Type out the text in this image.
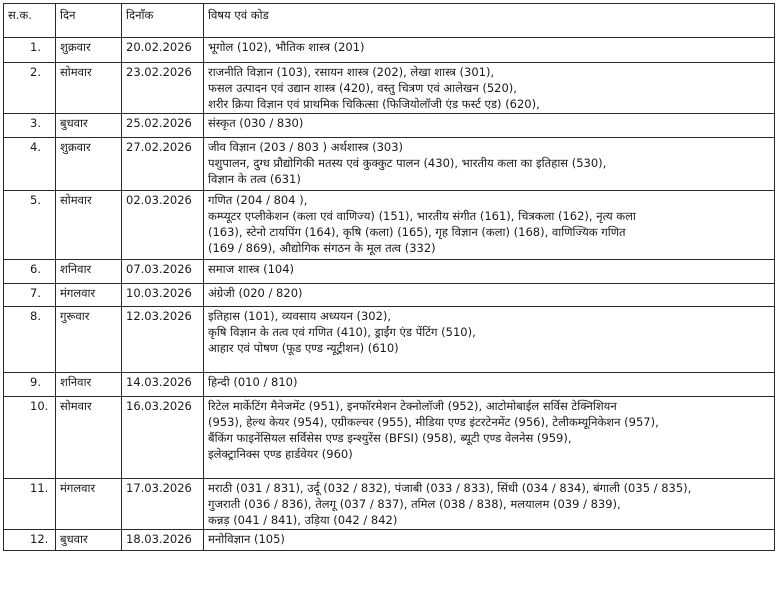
स.क.	दिन	दिनाँक	विषय एवं कोड
1.	शुक्रवार	20.02.2026	भूगोल (102), भौतिक शास्त्र (201)

2.	सोमवार	23.02.2026	राजनीति विज्ञान (103), रसायन शास्त्र (202), लेखा शास्त्र (301),
फसल उत्पादन एवं उद्यान शास्त्र (420), वस्तु चित्रण एवं आलेखन (520),
शरीर क्रिया विज्ञान एवं प्राथमिक चिकित्सा (फिजियोलॉजी एंड फर्स्ट एड) (620),

3.	बुधवार	25.02.2026	संस्कृत (030 / 830)

4.	शुक्रवार	27.02.2026	जीव विज्ञान (203 / 803 ) अर्थशास्त्र (303)
पशुपालन, दुग्ध प्रौद्योगिकी मतस्य एवं कुक्कुट पालन (430), भारतीय कला का इतिहास (530),
विज्ञान के तत्व (631)

5.	सोमवार	02.03.2026	गणित (204 / 804 ),
कम्प्यूटर एप्लीकेशन (कला एवं वाणिज्य) (151), भारतीय संगीत (161), चित्रकला (162), नृत्य कला
(163), स्टेनो टायपिंग (164), कृषि (कला) (165), गृह विज्ञान (कला) (168), वाणिज्यिक गणित
(169 / 869), औद्योगिक संगठन के मूल तत्व (332)

6.	शनिवार	07.03.2026	समाज शास्त्र (104)

7.	मंगलवार	10.03.2026	अंग्रेजी (020 / 820)

8.	गुरूवार	12.03.2026	इतिहास (101), व्यवसाय अध्ययन (302),
कृषि विज्ञान के तत्व एवं गणित (410), ड्राईंग एंड पेंटिंग (510),
आहार एवं पोषण (फूड एण्ड न्यूट्रीशन) (610)

9.	शनिवार	14.03.2026	हिन्दी (010 / 810)

10.	सोमवार	16.03.2026	रिटेल मार्केटिंग मैनेजमेंट (951), इनफॉरमेशन टेक्नोलॉजी (952), आटोमोबाईल सर्विस टेक्निशियन
(953), हेल्थ केयर (954), एग्रीकल्चर (955), मीडिया एण्ड इंटरटेनमेंट (956), टेलीकम्यूनिकेशन (957),
बैंकिंग फाइनेंसियल सर्विसेस एण्ड इन्श्युरेंस (BFSI) (958), ब्यूटी एण्ड वेलनेस (959),
इलेक्ट्रानिक्स एण्ड हार्डवेयर (960)

11.	मंगलवार	17.03.2026	मराठी (031 / 831), उर्दू (032 / 832), पंजाबी (033 / 833), सिंधी (034 / 834), बंगाली (035 / 835),
गुजराती (036 / 836), तेलगू (037 / 837), तमिल (038 / 838), मलयालम (039 / 839),
कन्नड़ (041 / 841), उड़िया (042 / 842)

12.	बुधवार	18.03.2026	मनोविज्ञान (105)
